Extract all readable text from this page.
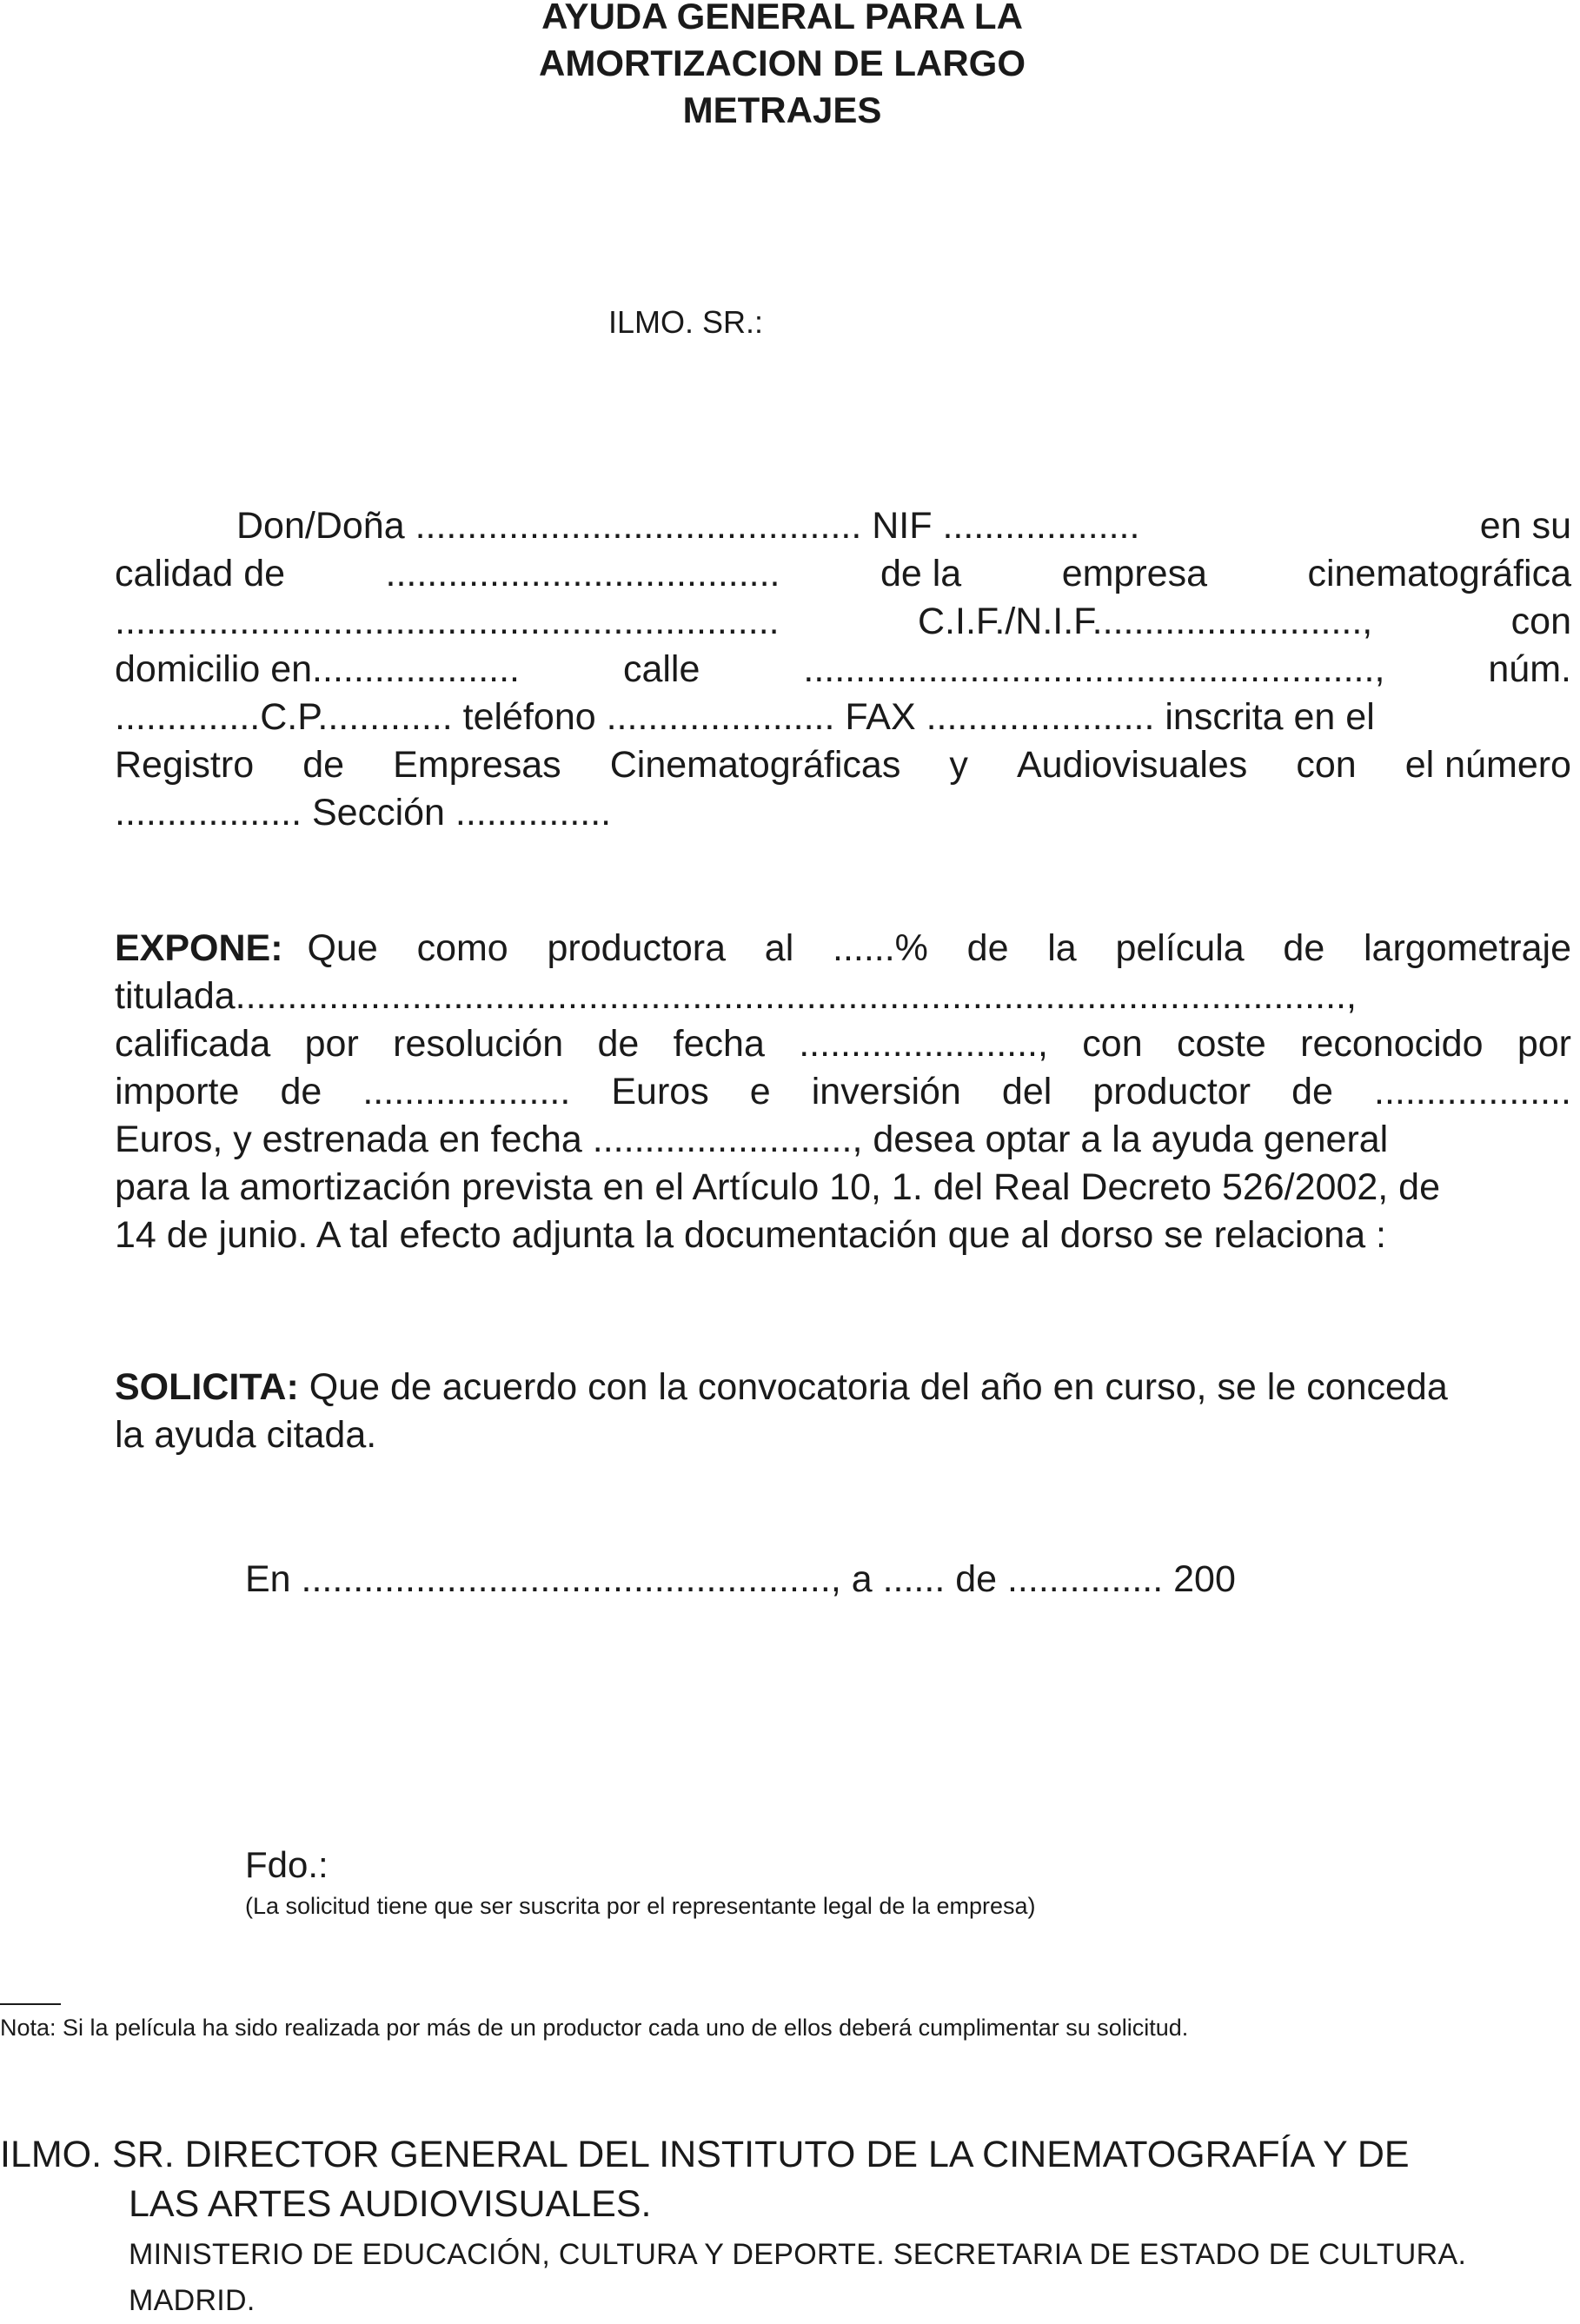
AYUDA GENERAL PARA LA
AMORTIZACION DE LARGO
METRAJES
ILMO. SR.:
Don/Doña ........................................... NIF ...................	en su
calidad de	......................................	de la	empresa	cinematográfica
................................................................	C.I.F./N.I.F..........................,	con
domicilio en....................	calle	.......................................................,	núm.
..............C.P............. teléfono ...................... FAX ...................... inscrita en el
Registro de Empresas Cinematográficas y Audiovisuales con el número
.................. Sección ...............
EXPONE: Que como productora al ......% de la película de largometraje
titulada...........................................................................................................,
calificada por resolución de fecha ......................., con coste reconocido por
importe de .................... Euros e inversión del productor de ...................
Euros, y estrenada en fecha ........................., desea optar a la ayuda general
para la amortización prevista en el Artículo 10, 1. del Real Decreto 526/2002, de
14 de junio. A tal efecto adjunta la documentación que al dorso se relaciona :
SOLICITA: Que de acuerdo con la convocatoria del año en curso, se le conceda
la ayuda citada.
En ..................................................., a ...... de ............... 200
Fdo.:
(La solicitud tiene que ser suscrita por el representante legal de la empresa)
Nota: Si la película ha sido realizada por más de un productor cada uno de ellos deberá cumplimentar su solicitud.
ILMO. SR. DIRECTOR GENERAL DEL INSTITUTO DE LA CINEMATOGRAFÍA Y DE
LAS ARTES AUDIOVISUALES.
MINISTERIO DE EDUCACIÓN, CULTURA Y DEPORTE. SECRETARIA DE ESTADO DE CULTURA. MADRID.
